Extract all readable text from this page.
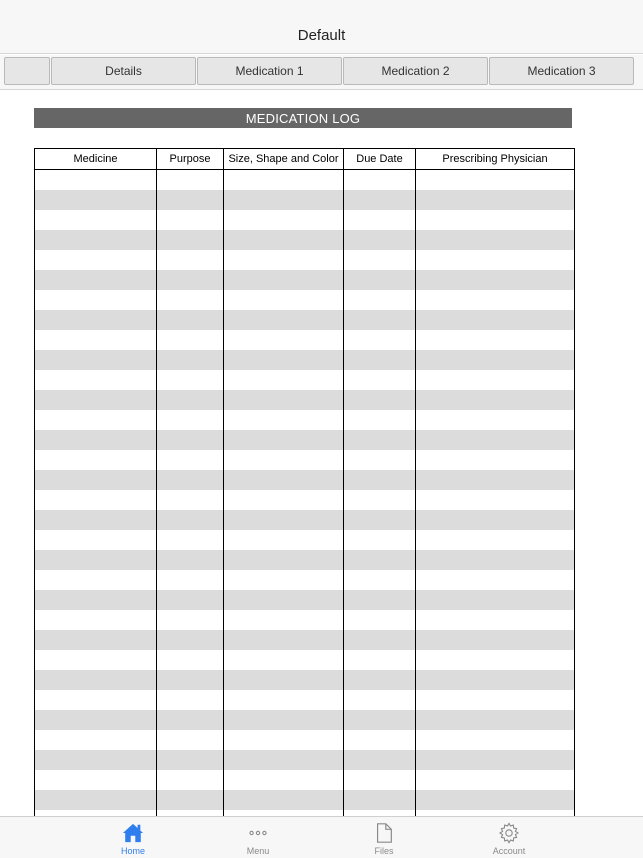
Default
Details	Medication 1	Medication 2	Medication 3
MEDICATION LOG
Medicine	Purpose	Size, Shape and Color	Due Date	Prescribing Physician

Home	Menu	Files	Account
